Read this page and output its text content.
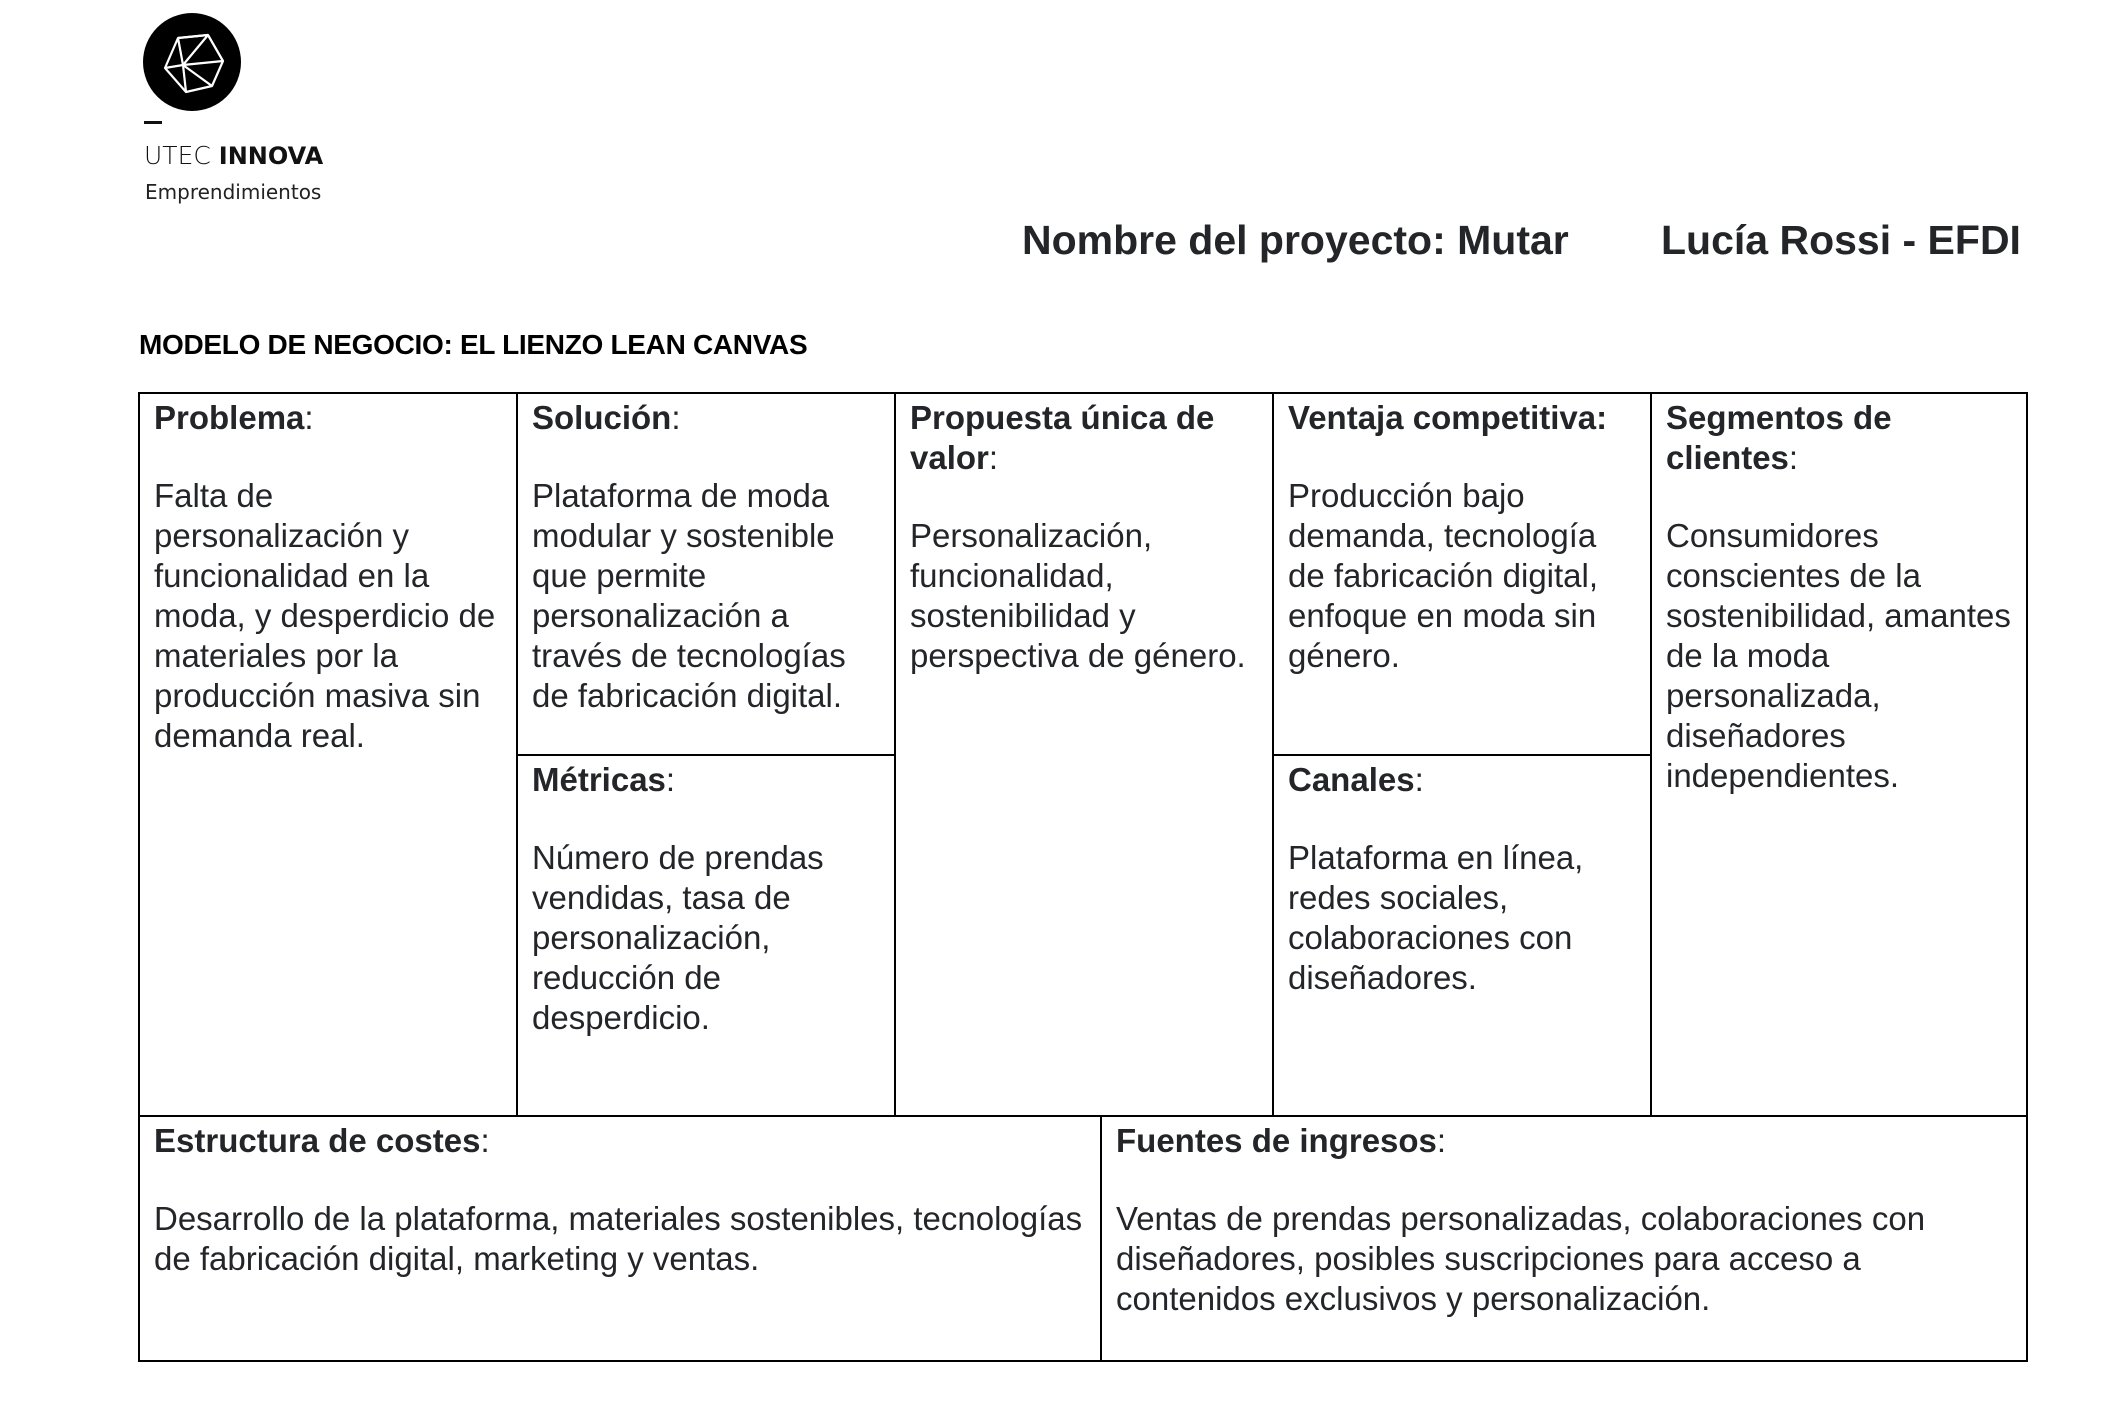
UTEC INNOVA
Emprendimientos
Nombre del proyecto: Mutar Lucía Rossi - EFDI
MODELO DE NEGOCIO: EL LIENZO LEAN CANVAS
Problema:
Falta de personalización y funcionalidad en la moda, y desperdicio de materiales por la producción masiva sin demanda real.
Solución:
Plataforma de moda modular y sostenible que permite personalización a través de tecnologías de fabricación digital.
Métricas:
Número de prendas vendidas, tasa de personalización, reducción de desperdicio.
Propuesta única de valor:
Personalización, funcionalidad, sostenibilidad y perspectiva de género.
Ventaja competitiva:
Producción bajo demanda, tecnología de fabricación digital, enfoque en moda sin género.
Canales:
Plataforma en línea, redes sociales, colaboraciones con diseñadores.
Segmentos de clientes:
Consumidores conscientes de la sostenibilidad, amantes de la moda personalizada, diseñadores independientes.
Estructura de costes:
Desarrollo de la plataforma, materiales sostenibles, tecnologías de fabricación digital, marketing y ventas.
Fuentes de ingresos:
Ventas de prendas personalizadas, colaboraciones con diseñadores, posibles suscripciones para acceso a contenidos exclusivos y personalización.
